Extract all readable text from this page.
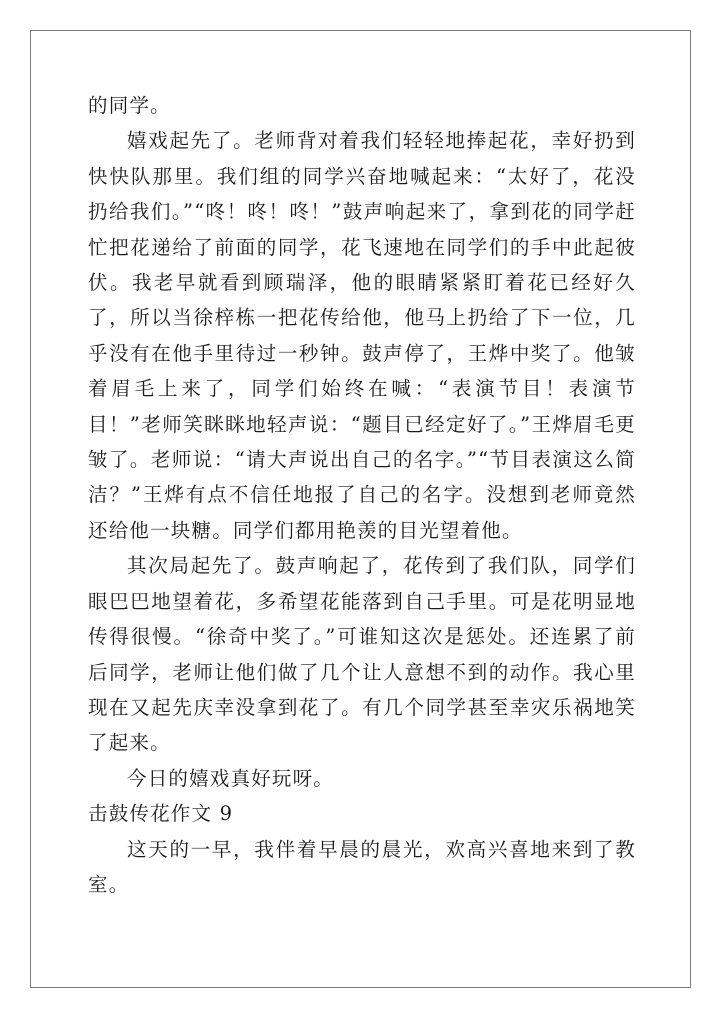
的同学。

嬉戏起先了。老师背对着我们轻轻地捧起花，幸好扔到快快队那里。我们组的同学兴奋地喊起来：“太好了，花没扔给我们。”“咚！咚！咚！”鼓声响起来了，拿到花的同学赶忙把花递给了前面的同学，花飞速地在同学们的手中此起彼伏。我老早就看到顾瑞泽，他的眼睛紧紧盯着花已经好久了，所以当徐梓栋一把花传给他，他马上扔给了下一位，几乎没有在他手里待过一秒钟。鼓声停了，王烨中奖了。他皱着眉毛上来了，同学们始终在喊：“表演节目！表演节目！”老师笑眯眯地轻声说：“题目已经定好了。”王烨眉毛更皱了。老师说：“请大声说出自己的名字。”“节目表演这么简洁？”王烨有点不信任地报了自己的名字。没想到老师竟然还给他一块糖。同学们都用艳羡的目光望着他。

其次局起先了。鼓声响起了，花传到了我们队，同学们眼巴巴地望着花，多希望花能落到自己手里。可是花明显地传得很慢。“徐奇中奖了。”可谁知这次是惩处。还连累了前后同学，老师让他们做了几个让人意想不到的动作。我心里现在又起先庆幸没拿到花了。有几个同学甚至幸灾乐祸地笑了起来。

今日的嬉戏真好玩呀。

击鼓传花作文 9

这天的一早，我伴着早晨的晨光，欢高兴喜地来到了教室。
